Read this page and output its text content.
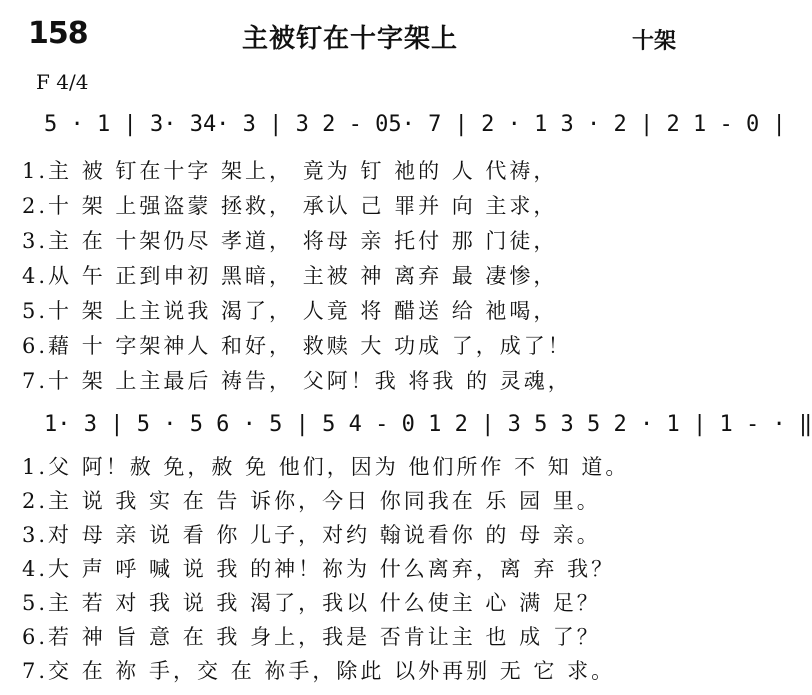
158	主被钉在十字架上	十架
F 4/4
5 · 1 | 3· 34· 3 | 3 2 - 05· 7 | 2 · 1 3 · 2 | 2 1 - 0 |
1.主 被 钉在十字 架上， 竟为 钉 祂的 人 代祷，
2.十 架 上强盗蒙 拯救， 承认 己 罪并 向 主求，
3.主 在 十架仍尽 孝道， 将母 亲 托付 那 门徒，
4.从 午 正到申初 黑暗， 主被 神 离弃 最 凄惨，
5.十 架 上主说我 渴了， 人竟 将 醋送 给 祂喝，
6.藉 十 字架神人 和好， 救赎 大 功成 了，成了！
7.十 架 上主最后 祷告， 父阿！我 将我 的 灵魂，
1· 3 | 5 · 5 6 · 5 | 5 4 - 0 1 2 | 3 5 3 5 2 · 1 | 1 - · ‖
1.父 阿！赦 免，赦 免 他们，因为 他们所作 不 知 道。
2.主 说 我 实 在 告 诉你，今日 你同我在 乐 园 里。
3.对 母 亲 说 看 你 儿子，对约 翰说看你 的 母 亲。
4.大 声 呼 喊 说 我 的神！祢为 什么离弃，离 弃 我？
5.主 若 对 我 说 我 渴了，我以 什么使主 心 满 足？
6.若 神 旨 意 在 我 身上，我是 否肯让主 也 成 了？
7.交 在 祢 手，交 在 祢手，除此 以外再别 无 它 求。
